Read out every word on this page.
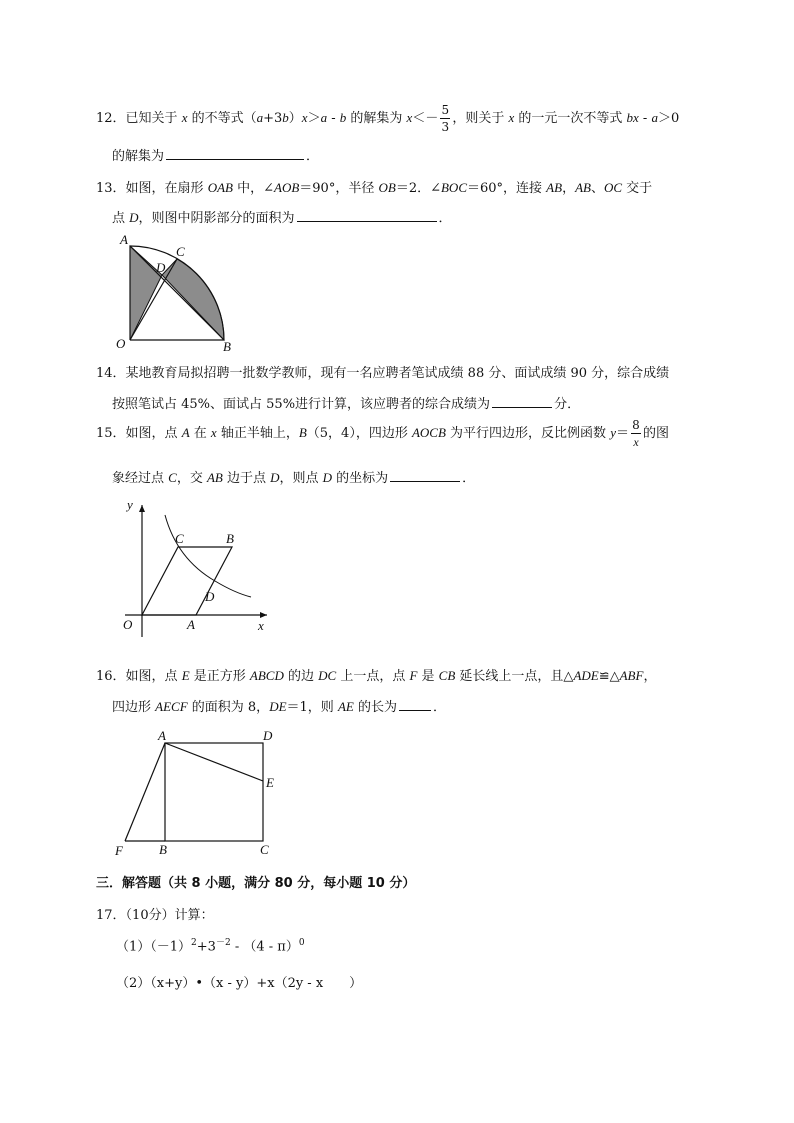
12．已知关于 x 的不等式（a+3b）x＞a - b 的解集为 $x<- \frac{5}{3}$ ，则关于 x 的一元一次不等式 bx - a＞0
的解集为	．
13．如图，在扇形 OAB 中，∠AOB＝90°，半径 OB＝2．∠BOC＝60°，连接 AB，AB、OC 交于
点 D，则图中阴影部分的面积为	．
A
C
D
O	B
14．某地教育局拟招聘一批数学教师，现有一名应聘者笔试成绩 88 分、面试成绩 90 分，综合成绩
按照笔试占 45%、面试占 55%进行计算，该应聘者的综合成绩为	分．
15．如图，点 A 在 x 轴正半轴上，B（5，4），四边形 AOCB 为平行四边形，反比例函数 $y= \frac{8}{x}$ 的图
象经过点 C，交 AB 边于点 D，则点 D 的坐标为	．
y
C	B
D
O	A	x
16．如图，点 E 是正方形 ABCD 的边 DC 上一点，点 F 是 CB 延长线上一点，且△ADE≌△ABF，
四边形 AECF 的面积为 8，DE＝1，则 AE 的长为	．
A	D
E
F	B	C
三．解答题（共 8 小题，满分 80 分，每小题 10 分）
17．（10分）计算：
$(1)(-1)^2+3^{-2} - (4 - \pi)^0$
（2）（x+y）•（x - y）+x（2y - x　　）
